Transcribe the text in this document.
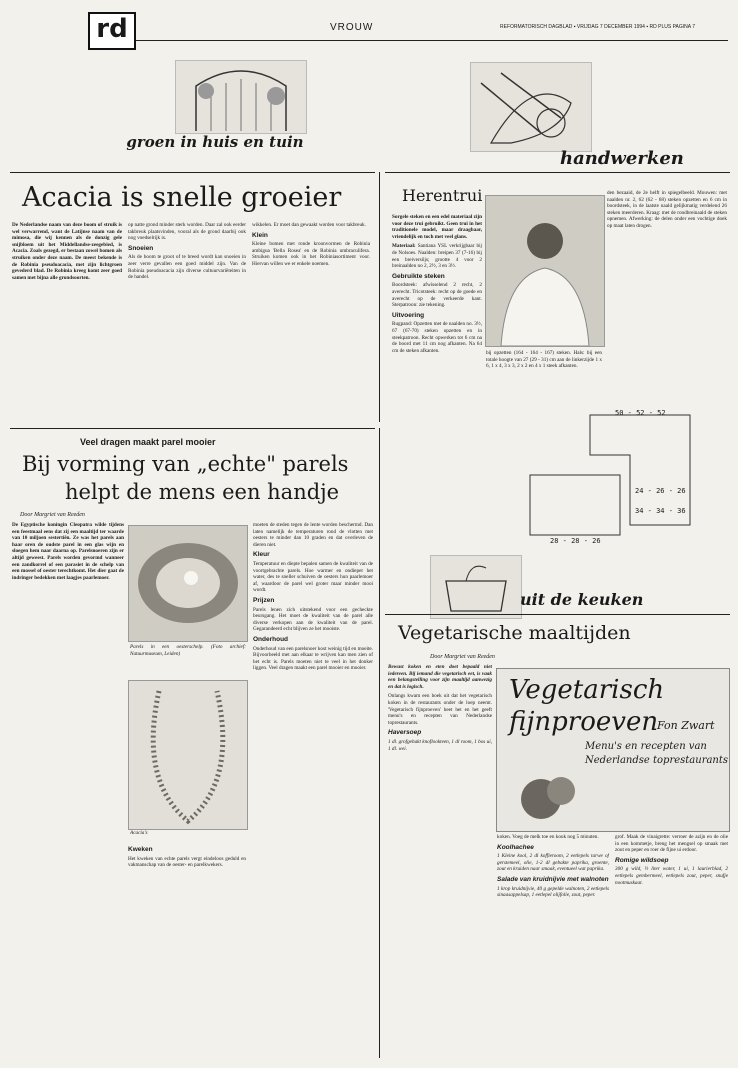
rd	VROUW	REFORMATORISCH DAGBLAD ▪ VRIJDAG 7 DECEMBER 1994 ▪ RD PLUS PAGINA 7
groen in huis en tuin
Acacia is snelle groeier
De Nederlandse naam van deze boom of struik is wel verwarrend, want de Latijnse naam van de mimosa, die wij kennen als de donzig gele snijbloem uit het Middellandse-zeegebied, is Acacia. Zoals gezegd, er bestaan zowel bomen als struiken onder deze naam. De meest bekende is de Robinia pseudoacacia, met zijn lichtgroen gevederd blad. De Robinia kreeg komt zeer goed samen met bijna alle grondsoorten.
op natte grond minder sterk worden. Daar zal ook eerder takbreuk plaatsvinden, vooral als de grond daarbij ook nog voedselrijk is.
Snoeien
Als de boom te groot of te breed wordt kan snoeien in zeer verre gevallen een goed middel zijn. Van de Robinia pseudoacacia zijn diverse cultuurvariëteiten in de handel.
wikkelen. Er moet dan gewaakt worden voor takbreuk.
Klein
Kleine bomen met ronde kroonvormen de Robinia ambigua 'Bella Rosea' en de Robinia umbraculifera. Struiken komen ook in het Robiniasortiment voor. Hiervan willen we er enkele noemen.
handwerken
Herentrui
Sorgele steken en een edel materiaal zijn voor deze trui gebruikt. Geen trui in het traditionele model, maar draagbaar, vriendelijk en toch met veel glans.
Materiaal: Santiana YSL verkrijgbaar bij de Nolsoes. Naalden: breipen 37 (7-16) bij een breiversiljs; grootte 4 voor 2 breinaalden no 2, 2½, 3 en 3½.
Gebruikte steken
Boordsteek: afwisselend 2 recht, 2 averecht. Tricotsteek: recht op de goede en averecht op de verkeerde kant. Sterpatroon: zie tekening.
Uitvoering
Rugpand: Opzetten met de naalden no. 3½, 67 (67-70) steken opzetten en in steekpatroon. Recht opwerken tot 6 cm na de boord met 11 cm nog afkanten. Na 64 cm de steken afkanten.	bij opzetten (164 - 164 - 167) steken. Hals: bij een totale hoogte van 27 (29 - 31) cm aan de linkerzijde 1 x 6, 1 x 4, 3 x 3, 2 x 2 en 4 x 1 steek afkanten.
den bezaaid, de 2e helft in spiegelbeeld. Mouwen: met naalden nr. 2, 62 (62 - 68) steken opzetten en 6 cm in boordsteek, in de laatste naald gelijkmatig verdelend 26 steken meerderen. Kraag: met de rondbreinaald de steken opnemen. Afwerking: de delen onder een vochtige doek op maat laten drogen.
50 - 52 - 52
24 - 26 - 26
34 - 34 - 36
28 - 28 - 26
Veel dragen maakt parel mooier
Bij vorming van „echte" parels
helpt de mens een handje
Door Margriet van Reeden
De Egyptische koningin Cleopatra wilde tijdens een feestmaal eens dat zij een maaltijd ter waarde van 10 miljoen sestertiën. Ze was het parels aan haar oren de oudste parel in een glas wijn en sloegen hem naar daarna op. Parelsnoeren zijn er altijd geweest. Parels worden gevormd wanneer een zandkorrel of een parasiet in de schelp van een mossel of oester terechtkomt. Het dier gaat de indringer bedekken met laagjes paarlemoer.
Parels in een oesterschelp. (Foto archief: Natuurmuseum, Leiden)
Acacia's
moeten de steden tegen de lente worden beschermd. Dan laten namelijk de temperaturen rond de vlotten met oesters te minder dan 10 graden en dat overleven de dieren niet.
Kleur
Temperatuur en diepte bepalen samen de kwaliteit van de voortgebrachte parels. Hoe warmer en ondieper het water, des te sneller schuiven de oesters hun paarlemoer af, waardoor de parel wel groter maar minder mooi wordt.
Prijzen
Parels lenen zich uitstekend voor een gecheckte beursgang. Het moet de kwaliteit van de parel alle diverse verkopen aan de kwaliteit van de parel. Gegarandeerd echt blijven ze het mooiste.
Onderhoud
Onderhoud van een parelsnoer kost weinig tijd en moeite. Bijvoorbeeld met aan elkaar te wrijven kan men zien of het echt is. Parels moeten niet te veel in het donker liggen. Veel dragen maakt een parel mooier en mooier.
Kweken
Het kweken van echte parels vergt eindeloos geduld en vakmanschap van de oester- en parelkwekers.
uit de keuken
Vegetarische maaltijden
Door Margriet van Reeden
Bewust koken en eten doet bepaald niet iedereen. Bij iemand die vegetarisch eet, is vaak een belangstelling voor zijn maaltijd aanwezig en dat is logisch.
Onlangs kwam een boek uit dat het vegetarisch koken in de restaurants onder de loep neemt. 'Vegetarisch fijnproeven' heet het en het geeft menu's en recepten van Nederlandse toprestaurants.
Haversoep
1 dl. grofgehakt knoflookteen, 1 dl room, 1 bos ui, 1 dl. wei.
Vegetarisch
fijnproeven
Fon Zwart
Menu's en recepten van
Nederlandse toprestaurants
koken. Voeg de melk toe en kook nog 5 minuten.
Koolhachee
1 Kleine kool, 2 dl koffieroom, 2 eetlepels tarwe of gerstemeel, olie, 1-2 dl gebakte paprika, groente, zout en kruiden naar smaak, eventueel wat paprika.
Salade van kruidnijvie met walnoten
1 krop kruidnijvie, 40 g gepelde walnoten, 2 eetlepels sinaasappelsap, 1 eetlepel olijfolie, zout, peper.
grof. Maak de vinaigrette: verroer de azijn en de olie in een kommetje, breng het mengsel op smaak met zout en peper en roer de fijne ui erdoor.
Romige wildsoep
300 g wild, ½ liter water, 1 ui, 1 laurierblad, 2 eetlepels gembermeel, eetlepels zout, peper, snufje nootmuskaat.
